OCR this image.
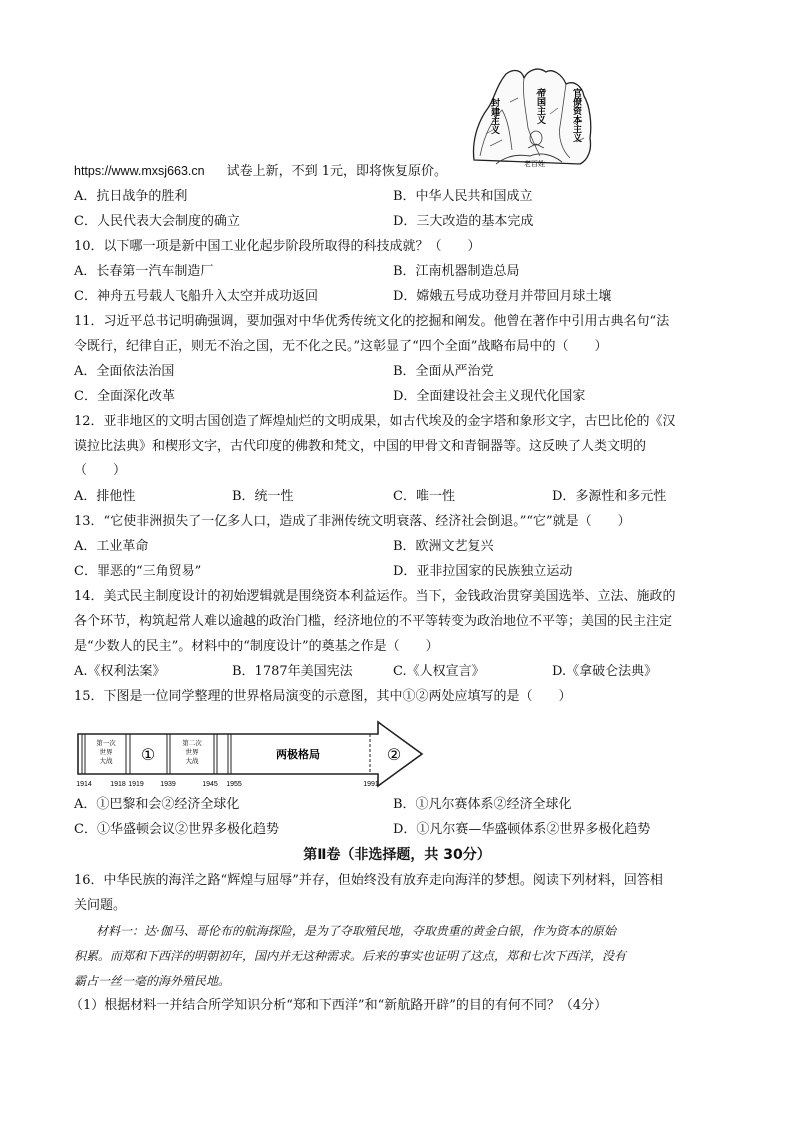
封建主义	帝国主义	官僚资本主义
老百姓
https://www.mxsj663.cn 试卷上新，不到 1元，即将恢复原价。
A．抗日战争的胜利	B．中华人民共和国成立
C．人民代表大会制度的确立	D．三大改造的基本完成
10．以下哪一项是新中国工业化起步阶段所取得的科技成就？（　　）
A．长春第一汽车制造厂	B．江南机器制造总局
C．神舟五号载人飞船升入太空并成功返回	D．嫦娥五号成功登月并带回月球土壤
11．习近平总书记明确强调，要加强对中华优秀传统文化的挖掘和阐发。他曾在著作中引用古典名句“法
令既行，纪律自正，则无不治之国，无不化之民。”这彰显了“四个全面”战略布局中的（　　）
A．全面依法治国	B．全面从严治党
C．全面深化改革	D．全面建设社会主义现代化国家
12．亚非地区的文明古国创造了辉煌灿烂的文明成果，如古代埃及的金字塔和象形文字，古巴比伦的《汉
谟拉比法典》和楔形文字，古代印度的佛教和梵文，中国的甲骨文和青铜器等。这反映了人类文明的
（　　）
A．排他性	B．统一性	C．唯一性	D．多源性和多元性
13．“它使非洲损失了一亿多人口，造成了非洲传统文明衰落、经济社会倒退。”“它”就是（　　）
A．工业革命	B．欧洲文艺复兴
C．罪恶的“三角贸易”	D．亚非拉国家的民族独立运动
14．美式民主制度设计的初始逻辑就是围绕资本利益运作。当下，金钱政治贯穿美国选举、立法、施政的
各个环节，构筑起常人难以逾越的政治门槛，经济地位的不平等转变为政治地位不平等；美国的民主注定
是“少数人的民主”。材料中的“制度设计”的奠基之作是（　　）
A.《权利法案》	B．1787年美国宪法	C.《人权宣言》	D.《拿破仑法典》
15．下图是一位同学整理的世界格局演变的示意图，其中①②两处应填写的是（　　）
第一次
世界
大战
第二次
世界
大战
①	两极格局	②
1914	1918 1919 1939	1945 1955	1991
A．①巴黎和会②经济全球化	B．①凡尔赛体系②经济全球化
C．①华盛顿会议②世界多极化趋势	D．①凡尔赛—华盛顿体系②世界多极化趋势
第Ⅱ卷（非选择题，共 30分）
16．中华民族的海洋之路“辉煌与屈辱”并存，但始终没有放弃走向海洋的梦想。阅读下列材料，回答相
关问题。
材料一：达·伽马、哥伦布的航海探险，是为了夺取殖民地，夺取贵重的黄金白银，作为资本的原始
积累。而郑和下西洋的明朝初年，国内并无这种需求。后来的事实也证明了这点，郑和七次下西洋，没有
霸占一丝一毫的海外殖民地。
（1）根据材料一并结合所学知识分析“郑和下西洋”和“新航路开辟”的目的有何不同？（4分）
